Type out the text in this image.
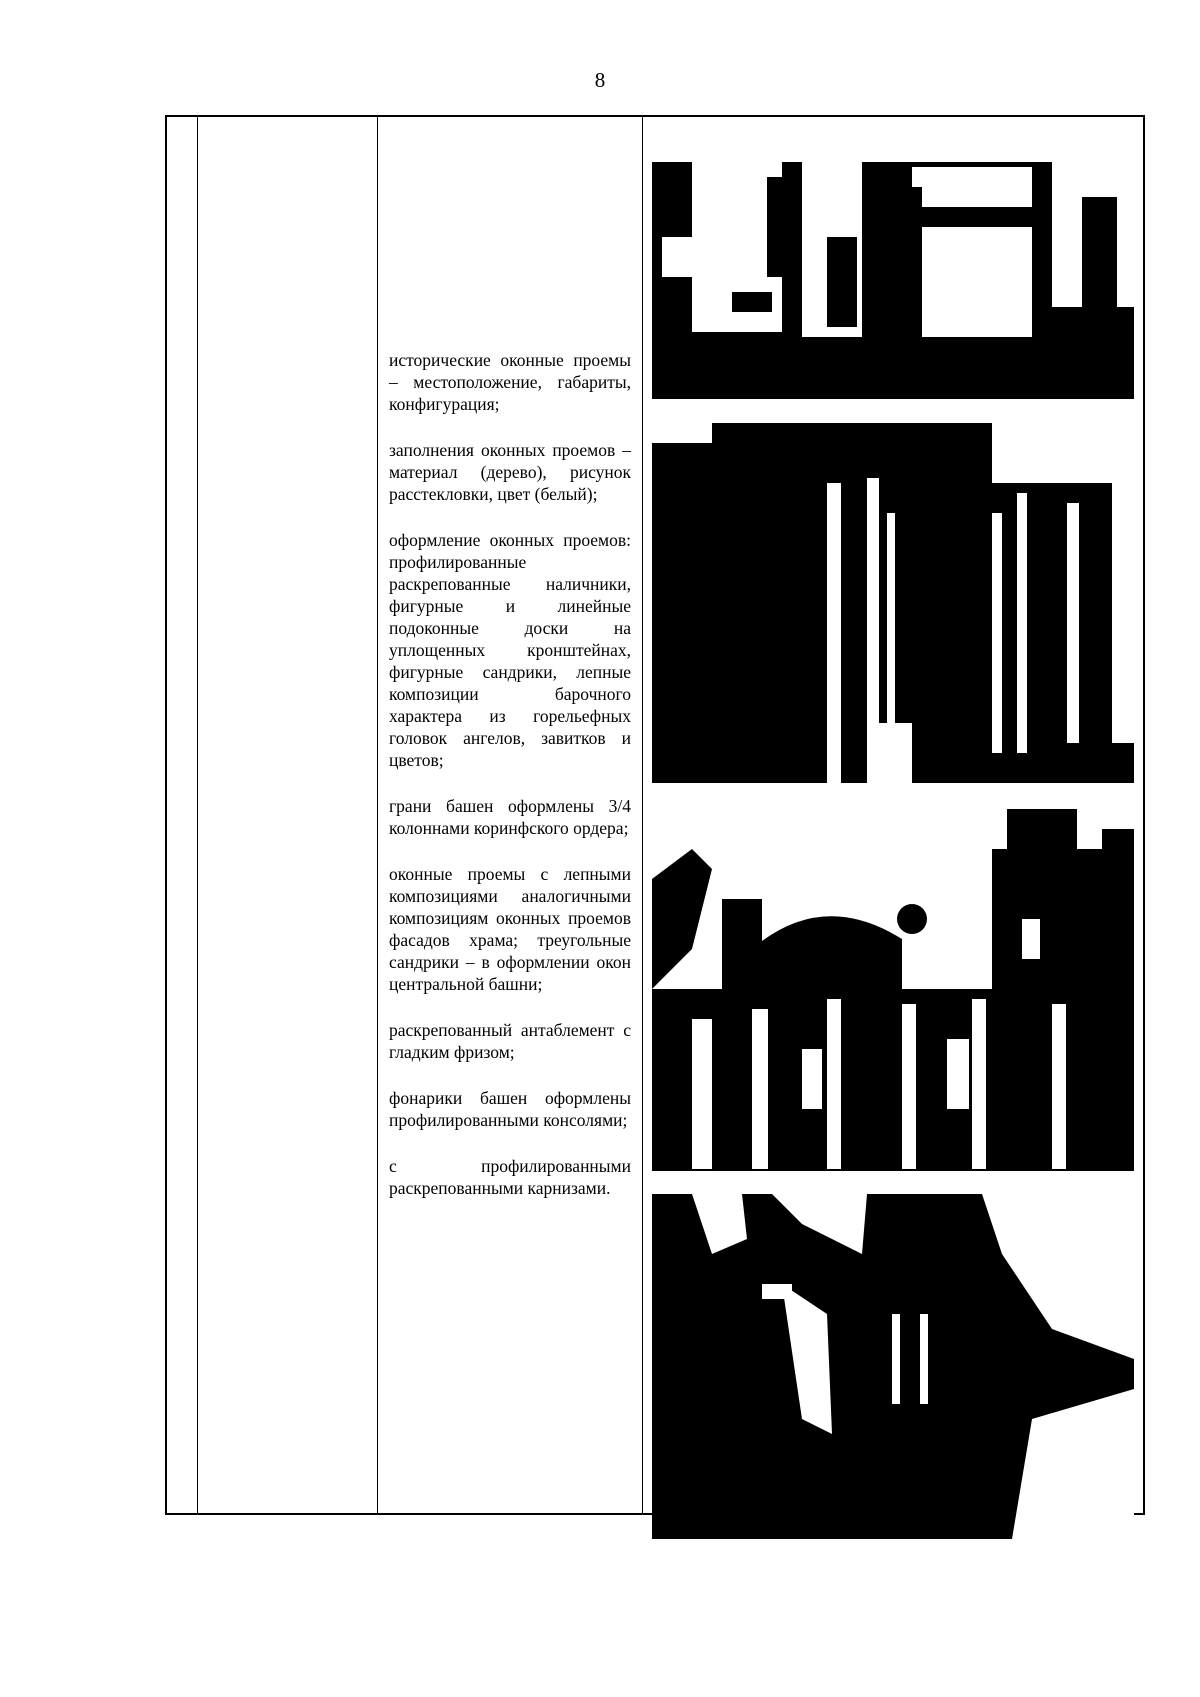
8

исторические оконные проемы – местоположение, габариты, конфигурация;

заполнения оконных проемов – материал (дерево), рисунок расстекловки, цвет (белый);

оформление оконных проемов: профилированные раскрепованные наличники, фигурные и линейные подоконные доски на уплощенных кронштейнах, фигурные сандрики, лепные композиции барочного характера из горельефных головок ангелов, завитков и цветов;

грани башен оформлены 3/4 колоннами коринфского ордера;

оконные проемы с лепными композициями аналогичными композициям оконных проемов фасадов храма; треугольные сандрики – в оформлении окон центральной башни;

раскрепованный антаблемент с гладким фризом;

фонарики башен оформлены профилированными консолями;

с профилированными раскрепованными карнизами.
